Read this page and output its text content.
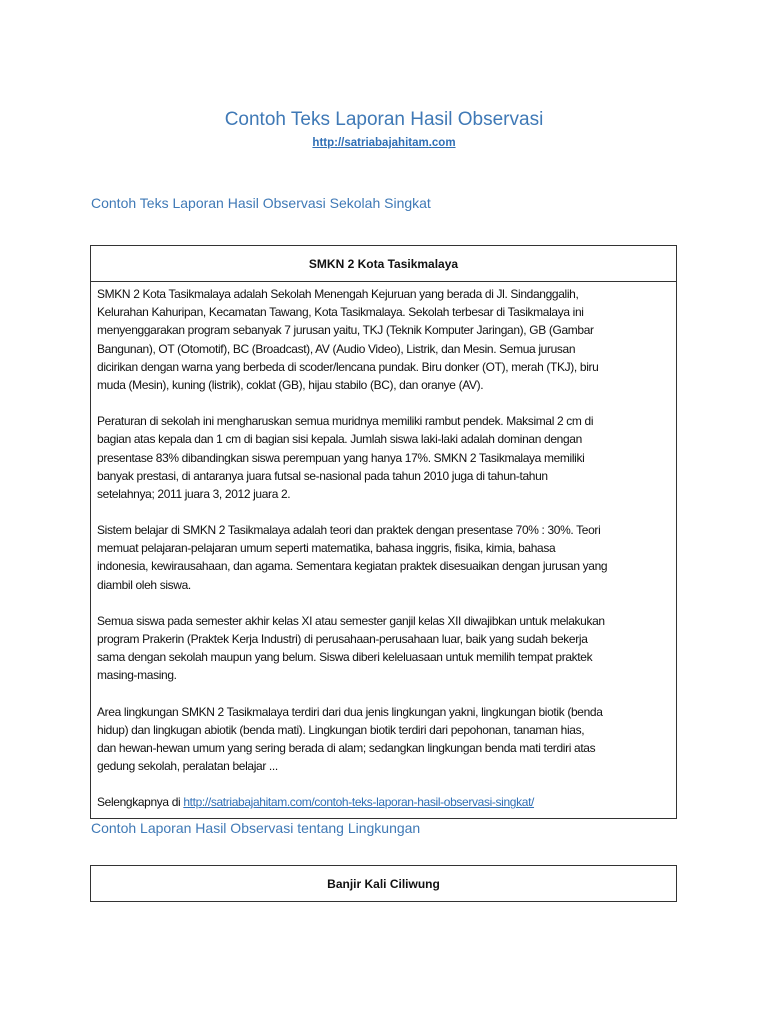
Contoh Teks Laporan Hasil Observasi
http://satriabajahitam.com
Contoh Teks Laporan Hasil Observasi Sekolah Singkat
SMKN 2 Kota Tasikmalaya
SMKN 2 Kota Tasikmalaya adalah Sekolah Menengah Kejuruan yang berada di Jl. Sindanggalih,
Kelurahan Kahuripan, Kecamatan Tawang, Kota Tasikmalaya. Sekolah terbesar di Tasikmalaya ini
menyenggarakan program sebanyak 7 jurusan yaitu, TKJ (Teknik Komputer Jaringan), GB (Gambar
Bangunan), OT (Otomotif), BC (Broadcast), AV (Audio Video), Listrik, dan Mesin. Semua jurusan
dicirikan dengan warna yang berbeda di scoder/lencana pundak. Biru donker (OT), merah (TKJ), biru
muda (Mesin), kuning (listrik), coklat (GB), hijau stabilo (BC), dan oranye (AV).
Peraturan di sekolah ini mengharuskan semua muridnya memiliki rambut pendek. Maksimal 2 cm di
bagian atas kepala dan 1 cm di bagian sisi kepala. Jumlah siswa laki-laki adalah dominan dengan
presentase 83% dibandingkan siswa perempuan yang hanya 17%. SMKN 2 Tasikmalaya memiliki
banyak prestasi, di antaranya juara futsal se-nasional pada tahun 2010 juga di tahun-tahun
setelahnya; 2011 juara 3, 2012 juara 2.
Sistem belajar di SMKN 2 Tasikmalaya adalah teori dan praktek dengan presentase 70% : 30%. Teori
memuat pelajaran-pelajaran umum seperti matematika, bahasa inggris, fisika, kimia, bahasa
indonesia, kewirausahaan, dan agama. Sementara kegiatan praktek disesuaikan dengan jurusan yang
diambil oleh siswa.
Semua siswa pada semester akhir kelas XI atau semester ganjil kelas XII diwajibkan untuk melakukan
program Prakerin (Praktek Kerja Industri) di perusahaan-perusahaan luar, baik yang sudah bekerja
sama dengan sekolah maupun yang belum. Siswa diberi keleluasaan untuk memilih tempat praktek
masing-masing.
Area lingkungan SMKN 2 Tasikmalaya terdiri dari dua jenis lingkungan yakni, lingkungan biotik (benda
hidup) dan lingkugan abiotik (benda mati). Lingkungan biotik terdiri dari pepohonan, tanaman hias,
dan hewan-hewan umum yang sering berada di alam; sedangkan lingkungan benda mati terdiri atas
gedung sekolah, peralatan belajar ...
Selengkapnya di http://satriabajahitam.com/contoh-teks-laporan-hasil-observasi-singkat/
Contoh Laporan Hasil Observasi tentang Lingkungan
Banjir Kali Ciliwung
